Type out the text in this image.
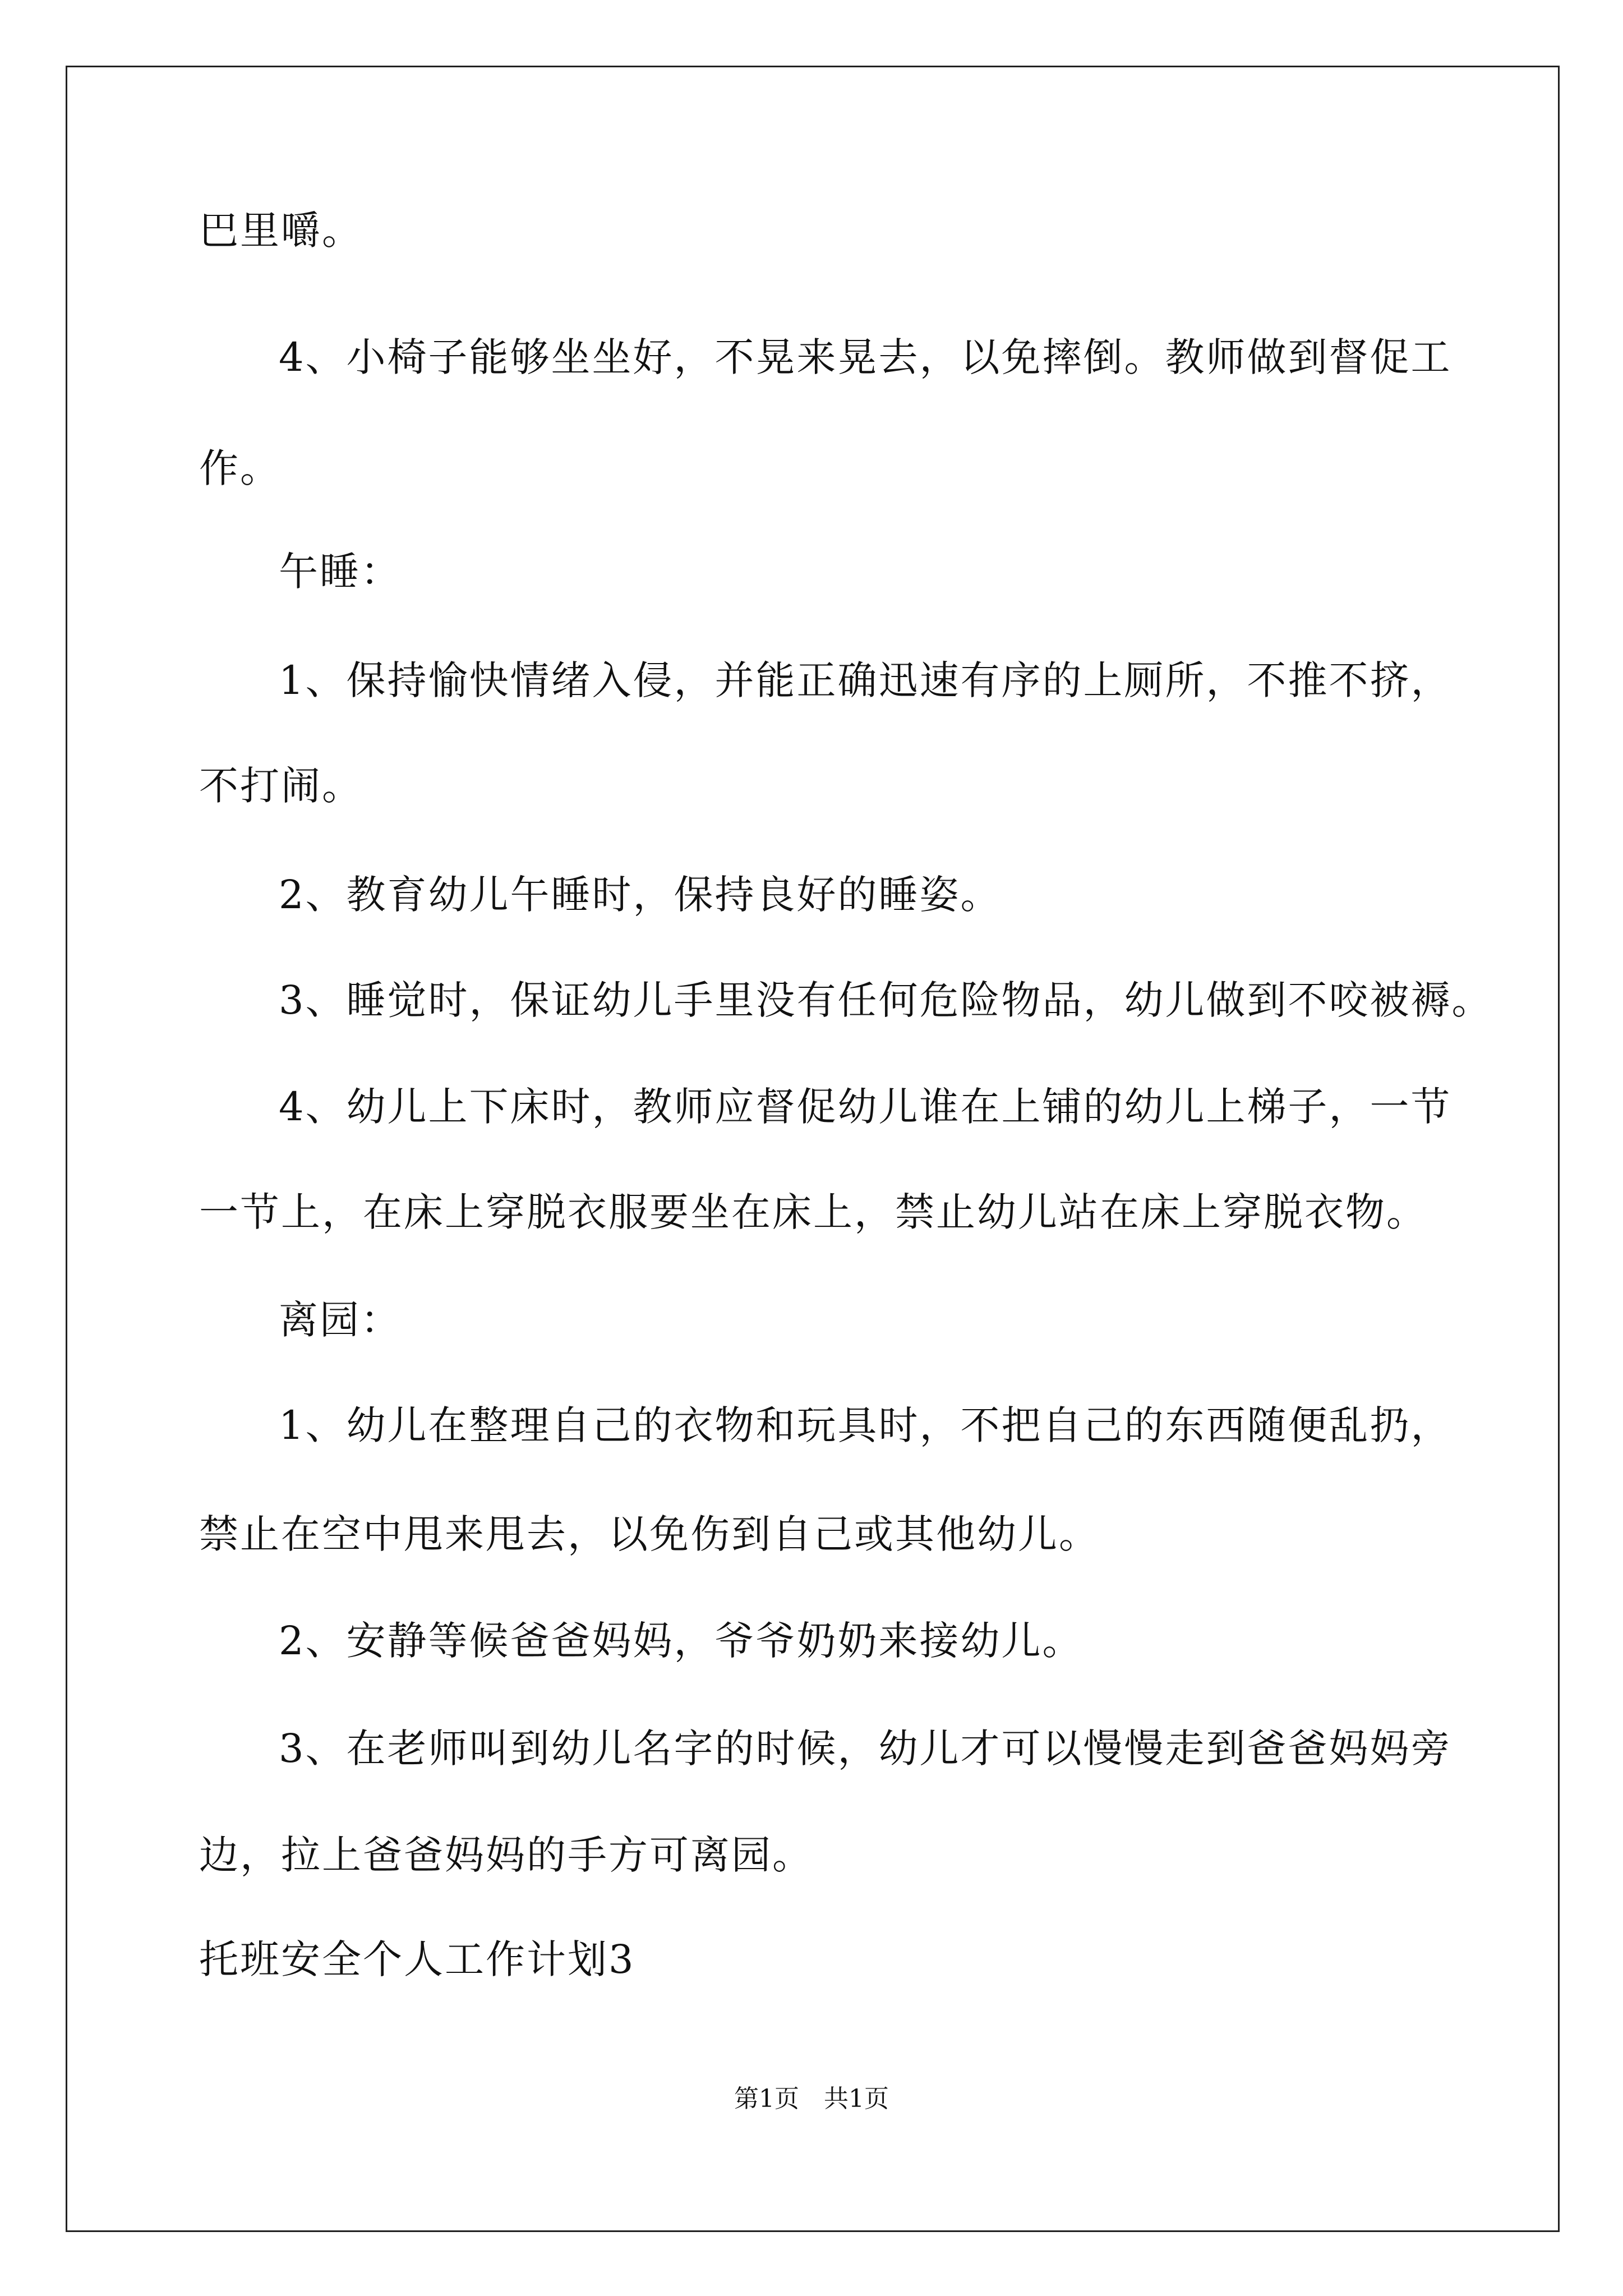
巴里嚼。
4、小椅子能够坐坐好，不晃来晃去，以免摔倒。教师做到督促工
作。
午睡：
1、保持愉快情绪入侵，并能正确迅速有序的上厕所，不推不挤，
不打闹。
2、教育幼儿午睡时，保持良好的睡姿。
3、睡觉时，保证幼儿手里没有任何危险物品，幼儿做到不咬被褥。
4、幼儿上下床时，教师应督促幼儿谁在上铺的幼儿上梯子，一节
一节上，在床上穿脱衣服要坐在床上，禁止幼儿站在床上穿脱衣物。
离园：
1、幼儿在整理自己的衣物和玩具时，不把自己的东西随便乱扔，
禁止在空中甩来甩去，以免伤到自己或其他幼儿。
2、安静等候爸爸妈妈，爷爷奶奶来接幼儿。
3、在老师叫到幼儿名字的时候，幼儿才可以慢慢走到爸爸妈妈旁
边，拉上爸爸妈妈的手方可离园。
托班安全个人工作计划3
第1页　共1页
